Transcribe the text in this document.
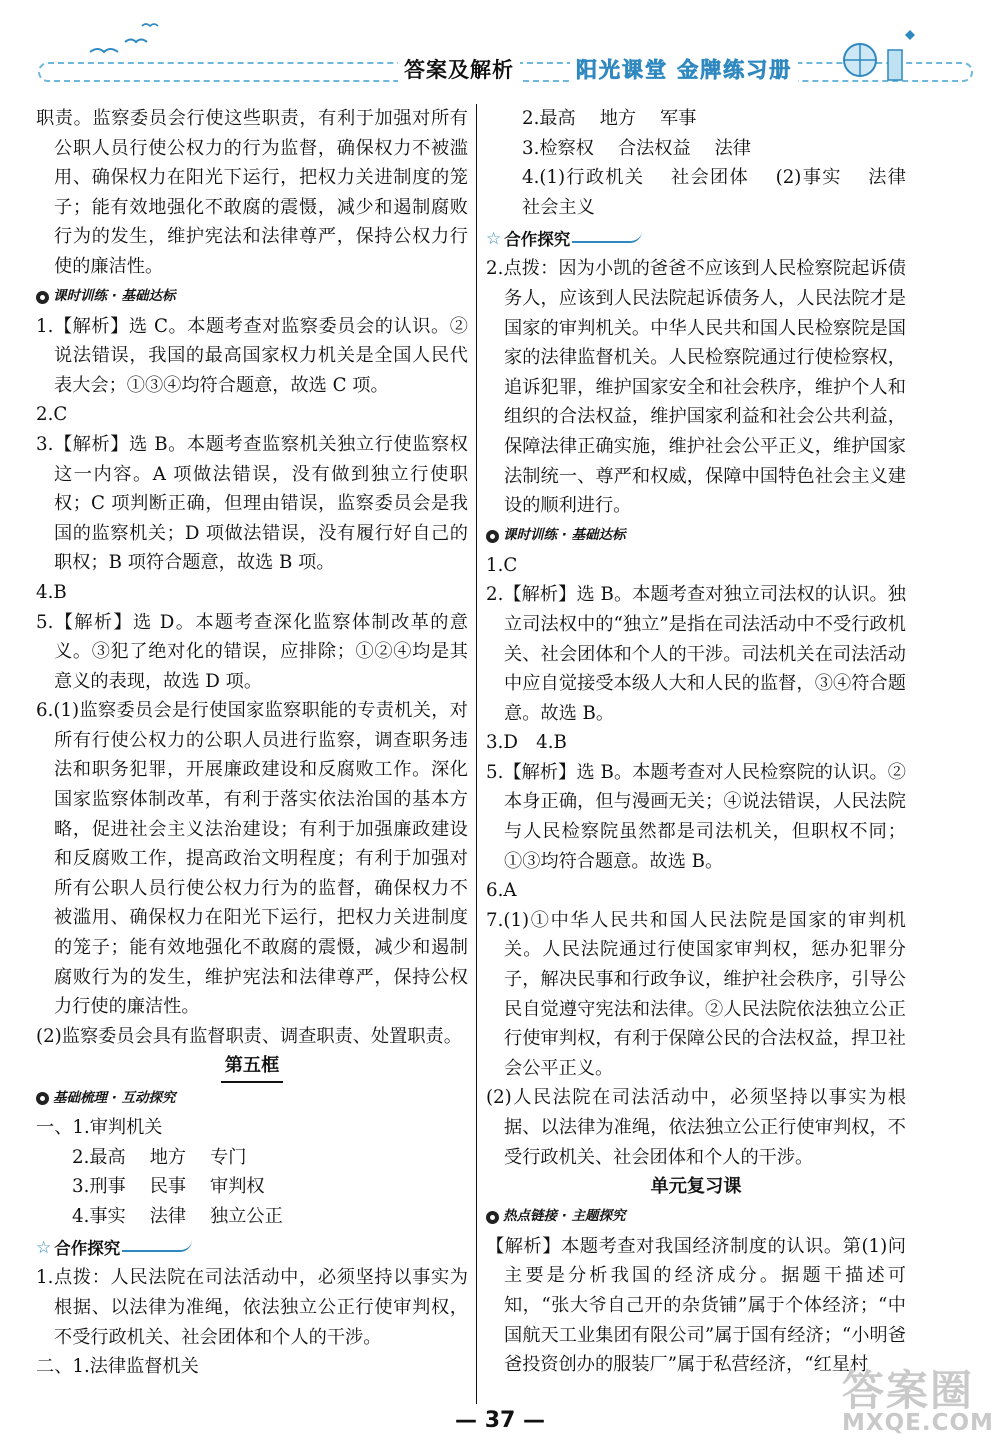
答案及解析	阳光课堂 金牌练习册

职责。监察委员会行使这些职责，有利于加强对所有公职人员行使公权力的行为监督，确保权力不被滥用、确保权力在阳光下运行，把权力关进制度的笼子；能有效地强化不敢腐的震慑，减少和遏制腐败行为的发生，维护宪法和法律尊严，保持公权力行使的廉洁性。

课时训练 · 基础达标

1.【解析】选 C。本题考查对监察委员会的认识。②说法错误，我国的最高国家权力机关是全国人民代表大会；①③④均符合题意，故选 C 项。

2.C

3.【解析】选 B。本题考查监察机关独立行使监察权这一内容。A 项做法错误，没有做到独立行使职权；C 项判断正确，但理由错误，监察委员会是我国的监察机关；D 项做法错误，没有履行好自己的职权；B 项符合题意，故选 B 项。

4.B

5.【解析】选 D。本题考查深化监察体制改革的意义。③犯了绝对化的错误，应排除；①②④均是其意义的表现，故选 D 项。

6.(1)监察委员会是行使国家监察职能的专责机关，对所有行使公权力的公职人员进行监察，调查职务违法和职务犯罪，开展廉政建设和反腐败工作。深化国家监察体制改革，有利于落实依法治国的基本方略，促进社会主义法治建设；有利于加强廉政建设和反腐败工作，提高政治文明程度；有利于加强对所有公职人员行使公权力行为的监督，确保权力不被滥用、确保权力在阳光下运行，把权力关进制度的笼子；能有效地强化不敢腐的震慑，减少和遏制腐败行为的发生，维护宪法和法律尊严，保持公权力行使的廉洁性。

(2)监察委员会具有监督职责、调查职责、处置职责。

第五框
基础梳理 · 互动探究

一、1.审判机关

2.最高　 地方　 专门

3.刑事　 民事　 审判权

4.事实　 法律　 独立公正

☆ 合作探究

1.点拨：人民法院在司法活动中，必须坚持以事实为根据、以法律为准绳，依法独立公正行使审判权，不受行政机关、社会团体和个人的干涉。

二、1.法律监督机关

2.最高　 地方　 军事

3.检察权　 合法权益　 法律

4.(1)行政机关　 社会团体　 (2)事实　 法律　 社会主义

☆ 合作探究

2.点拨：因为小凯的爸爸不应该到人民检察院起诉债务人，应该到人民法院起诉债务人，人民法院才是国家的审判机关。中华人民共和国人民检察院是国家的法律监督机关。人民检察院通过行使检察权，追诉犯罪，维护国家安全和社会秩序，维护个人和组织的合法权益，维护国家利益和社会公共利益，保障法律正确实施，维护社会公平正义，维护国家法制统一、尊严和权威，保障中国特色社会主义建设的顺利进行。

课时训练 · 基础达标

1.C

2.【解析】选 B。本题考查对独立司法权的认识。独立司法权中的“独立”是指在司法活动中不受行政机关、社会团体和个人的干涉。司法机关在司法活动中应自觉接受本级人大和人民的监督，③④符合题意。故选 B。

3.D　4.B

5.【解析】选 B。本题考查对人民检察院的认识。②本身正确，但与漫画无关；④说法错误，人民法院与人民检察院虽然都是司法机关，但职权不同；①③均符合题意。故选 B。

6.A

7.(1)①中华人民共和国人民法院是国家的审判机关。人民法院通过行使国家审判权，惩办犯罪分子，解决民事和行政争议，维护社会秩序，引导公民自觉遵守宪法和法律。②人民法院依法独立公正行使审判权，有利于保障公民的合法权益，捍卫社会公平正义。

(2)人民法院在司法活动中，必须坚持以事实为根据、以法律为准绳，依法独立公正行使审判权，不受行政机关、社会团体和个人的干涉。

单元复习课
热点链接 · 主题探究

【解析】本题考查对我国经济制度的认识。第(1)问主要是分析我国的经济成分。据题干描述可知，“张大爷自己开的杂货铺”属于个体经济；“中国航天工业集团有限公司”属于国有经济；“小明爸爸投资创办的服装厂”属于私营经济，“红星村

— 37 —
答案圈
MXQE.COM
